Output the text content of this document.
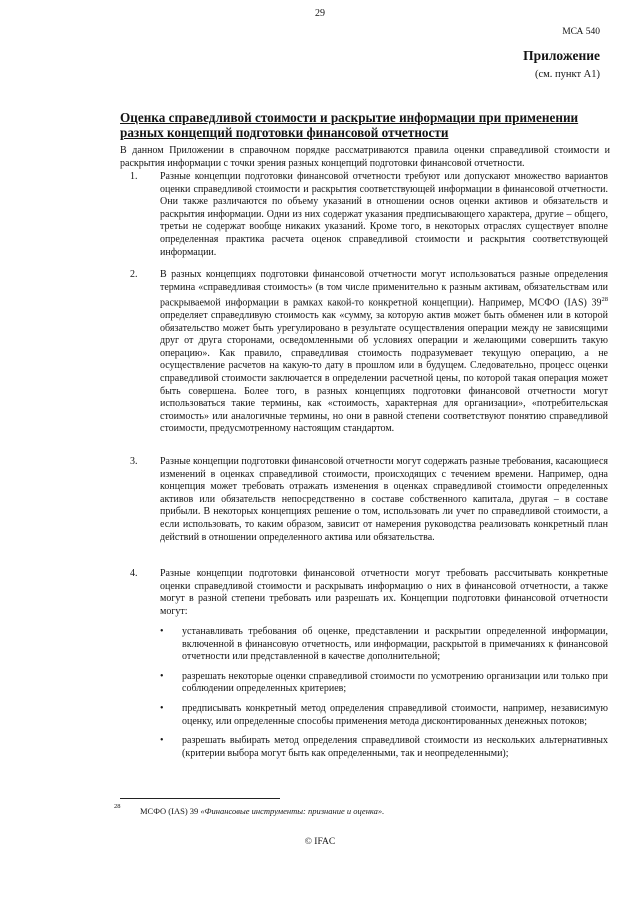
29
МСА 540
Приложение
(см. пункт А1)
Оценка справедливой стоимости и раскрытие информации при применении разных концепций подготовки финансовой отчетности
В данном Приложении в справочном порядке рассматриваются правила оценки справедливой стоимости и раскрытия информации с точки зрения разных концепций подготовки финансовой отчетности.
1. Разные концепции подготовки финансовой отчетности требуют или допускают множество вариантов оценки справедливой стоимости и раскрытия соответствующей информации в финансовой отчетности. Они также различаются по объему указаний в отношении основ оценки активов и обязательств и раскрытия информации. Одни из них содержат указания предписывающего характера, другие – общего, третьи не содержат вообще никаких указаний. Кроме того, в некоторых отраслях существует вполне определенная практика расчета оценок справедливой стоимости и раскрытия соответствующей информации.
2. В разных концепциях подготовки финансовой отчетности могут использоваться разные определения термина «справедливая стоимость» (в том числе применительно к разным активам, обязательствам или раскрываемой информации в рамках какой-то конкретной концепции). Например, МСФО (IAS) $39^{28}$ определяет справедливую стоимость как «сумму, за которую актив может быть обменен или в которой обязательство может быть урегулировано в результате осуществления операции между не зависящими друг от друга сторонами, осведомленными об условиях операции и желающими совершить такую операцию». Как правило, справедливая стоимость подразумевает текущую операцию, а не осуществление расчетов на какую-то дату в прошлом или в будущем. Следовательно, процесс оценки справедливой стоимости заключается в определении расчетной цены, по которой такая операция может быть совершена. Более того, в разных концепциях подготовки финансовой отчетности могут использоваться такие термины, как «стоимость, характерная для организации», «потребительская стоимость» или аналогичные термины, но они в равной степени соответствуют понятию справедливой стоимости, предусмотренному настоящим стандартом.
3. Разные концепции подготовки финансовой отчетности могут содержать разные требования, касающиеся изменений в оценках справедливой стоимости, происходящих с течением времени. Например, одна концепция может требовать отражать изменения в оценках справедливой стоимости определенных активов или обязательств непосредственно в составе собственного капитала, другая – в составе прибыли. В некоторых концепциях решение о том, использовать ли учет по справедливой стоимости, а если использовать, то каким образом, зависит от намерения руководства реализовать конкретный план действий в отношении определенного актива или обязательства.
4. Разные концепции подготовки финансовой отчетности могут требовать рассчитывать конкретные оценки справедливой стоимости и раскрывать информацию о них в финансовой отчетности, а также могут в разной степени требовать или разрешать их. Концепции подготовки финансовой отчетности могут:
• устанавливать требования об оценке, представлении и раскрытии определенной информации, включенной в финансовую отчетность, или информации, раскрытой в примечаниях к финансовой отчетности или представленной в качестве дополнительной;
• разрешать некоторые оценки справедливой стоимости по усмотрению организации или только при соблюдении определенных критериев;
• предписывать конкретный метод определения справедливой стоимости, например, независимую оценку, или определенные способы применения метода дисконтированных денежных потоков;
• разрешать выбирать метод определения справедливой стоимости из нескольких альтернативных (критерии выбора могут быть как определенными, так и неопределенными);
28 МСФО (IAS) 39 «Финансовые инструменты: признание и оценка».
© IFAC
